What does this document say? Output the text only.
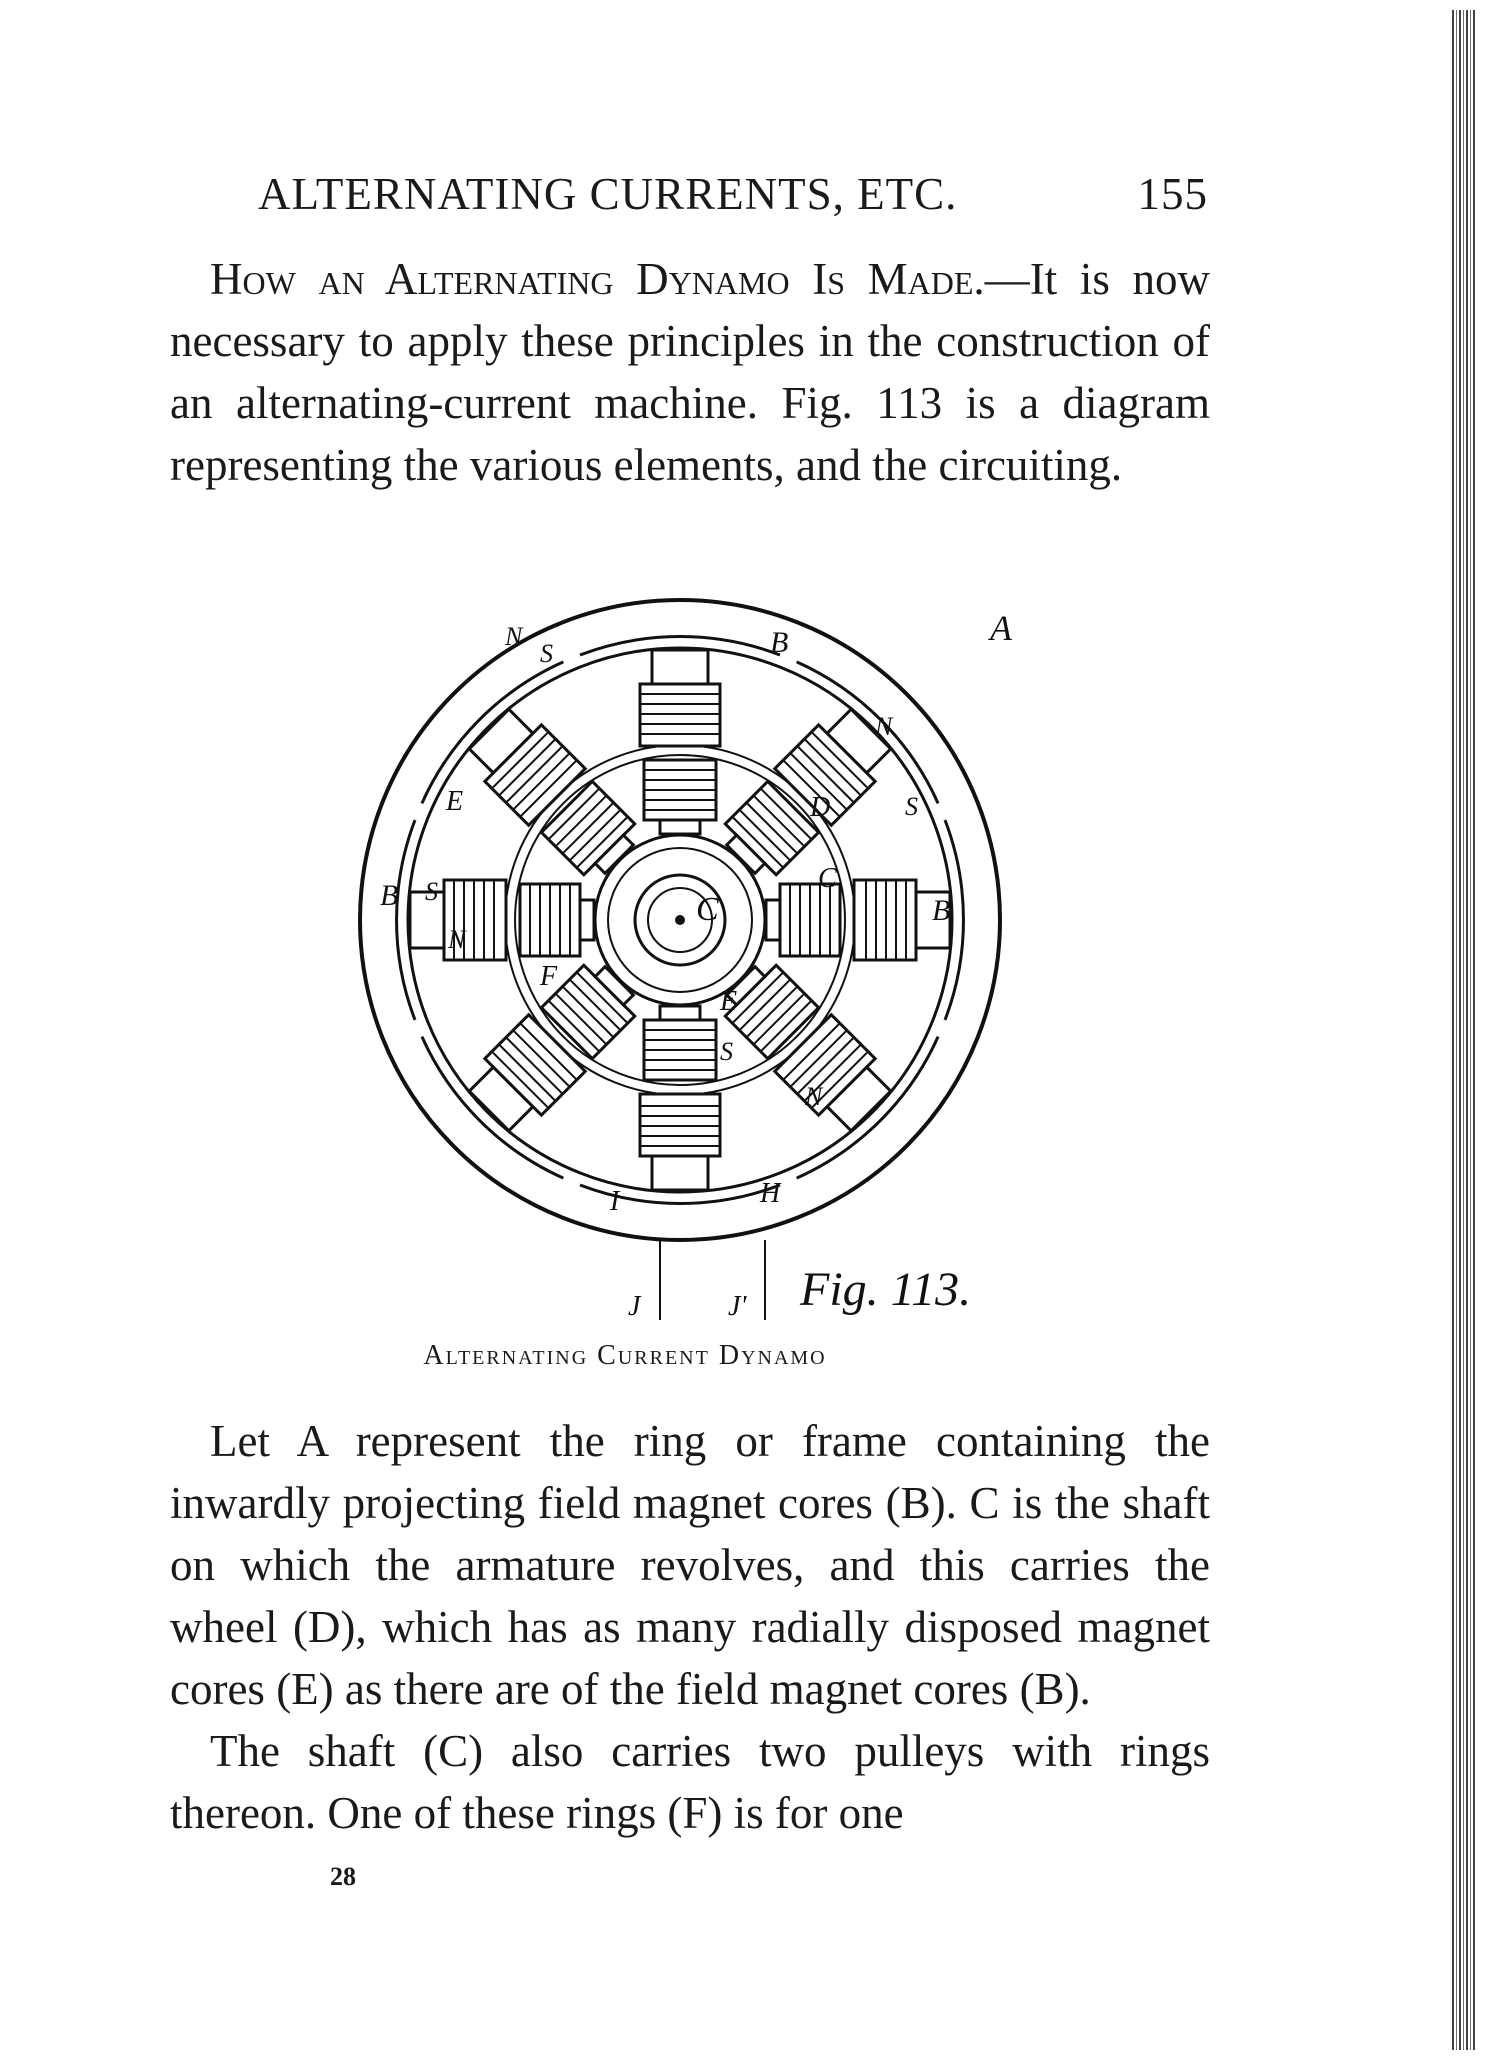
ALTERNATING CURRENTS, ETC.	155

How an Alternating Dynamo Is Made.—It is now necessary to apply these principles in the construction of an alternating-current machine. Fig. 113 is a diagram representing the various elements, and the circuiting.

A
B
B	B
C
C
D
E
E
F
H
I
J	J'
N
S
N
S
S
N
S
N
Fig. 113.
Alternating Current Dynamo

Let A represent the ring or frame containing the inwardly projecting field magnet cores (B). C is the shaft on which the armature revolves, and this carries the wheel (D), which has as many radially disposed magnet cores (E) as there are of the field magnet cores (B).

The shaft (C) also carries two pulleys with rings thereon. One of these rings (F) is for one

28
